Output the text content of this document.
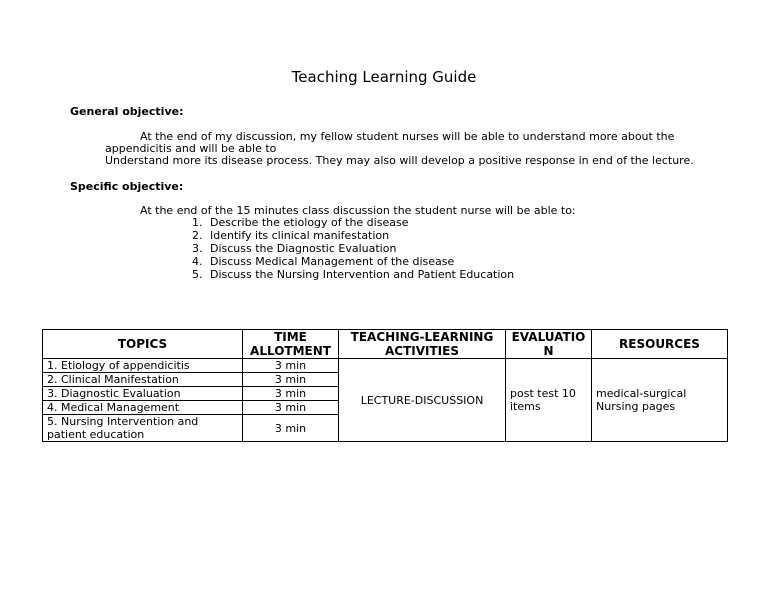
Teaching Learning Guide
General objective:
At the end of my discussion, my fellow student nurses will be able to understand more about the
appendicitis and will be able to
Understand more its disease process. They may also will develop a positive response in end of the lecture.
Specific objective:
At the end of the 15 minutes class discussion the student nurse will be able to:
1. Describe the etiology of the disease
2. Identify its clinical manifestation
3. Discuss the Diagnostic Evaluation
4. Discuss Medical Management of the disease
5. Discuss the Nursing Intervention and Patient Education
TOPICS	TIME ALLOTMENT	TEACHING-LEARNING ACTIVITIES	EVALUATIO N	RESOURCES
1. Etiology of appendicitis	3 min	LECTURE-DISCUSSION	post test 10 items	medical-surgical Nursing pages
2. Clinical Manifestation	3 min			
3. Diagnostic Evaluation	3 min			
4. Medical Management	3 min			
5. Nursing Intervention and patient education	3 min			
